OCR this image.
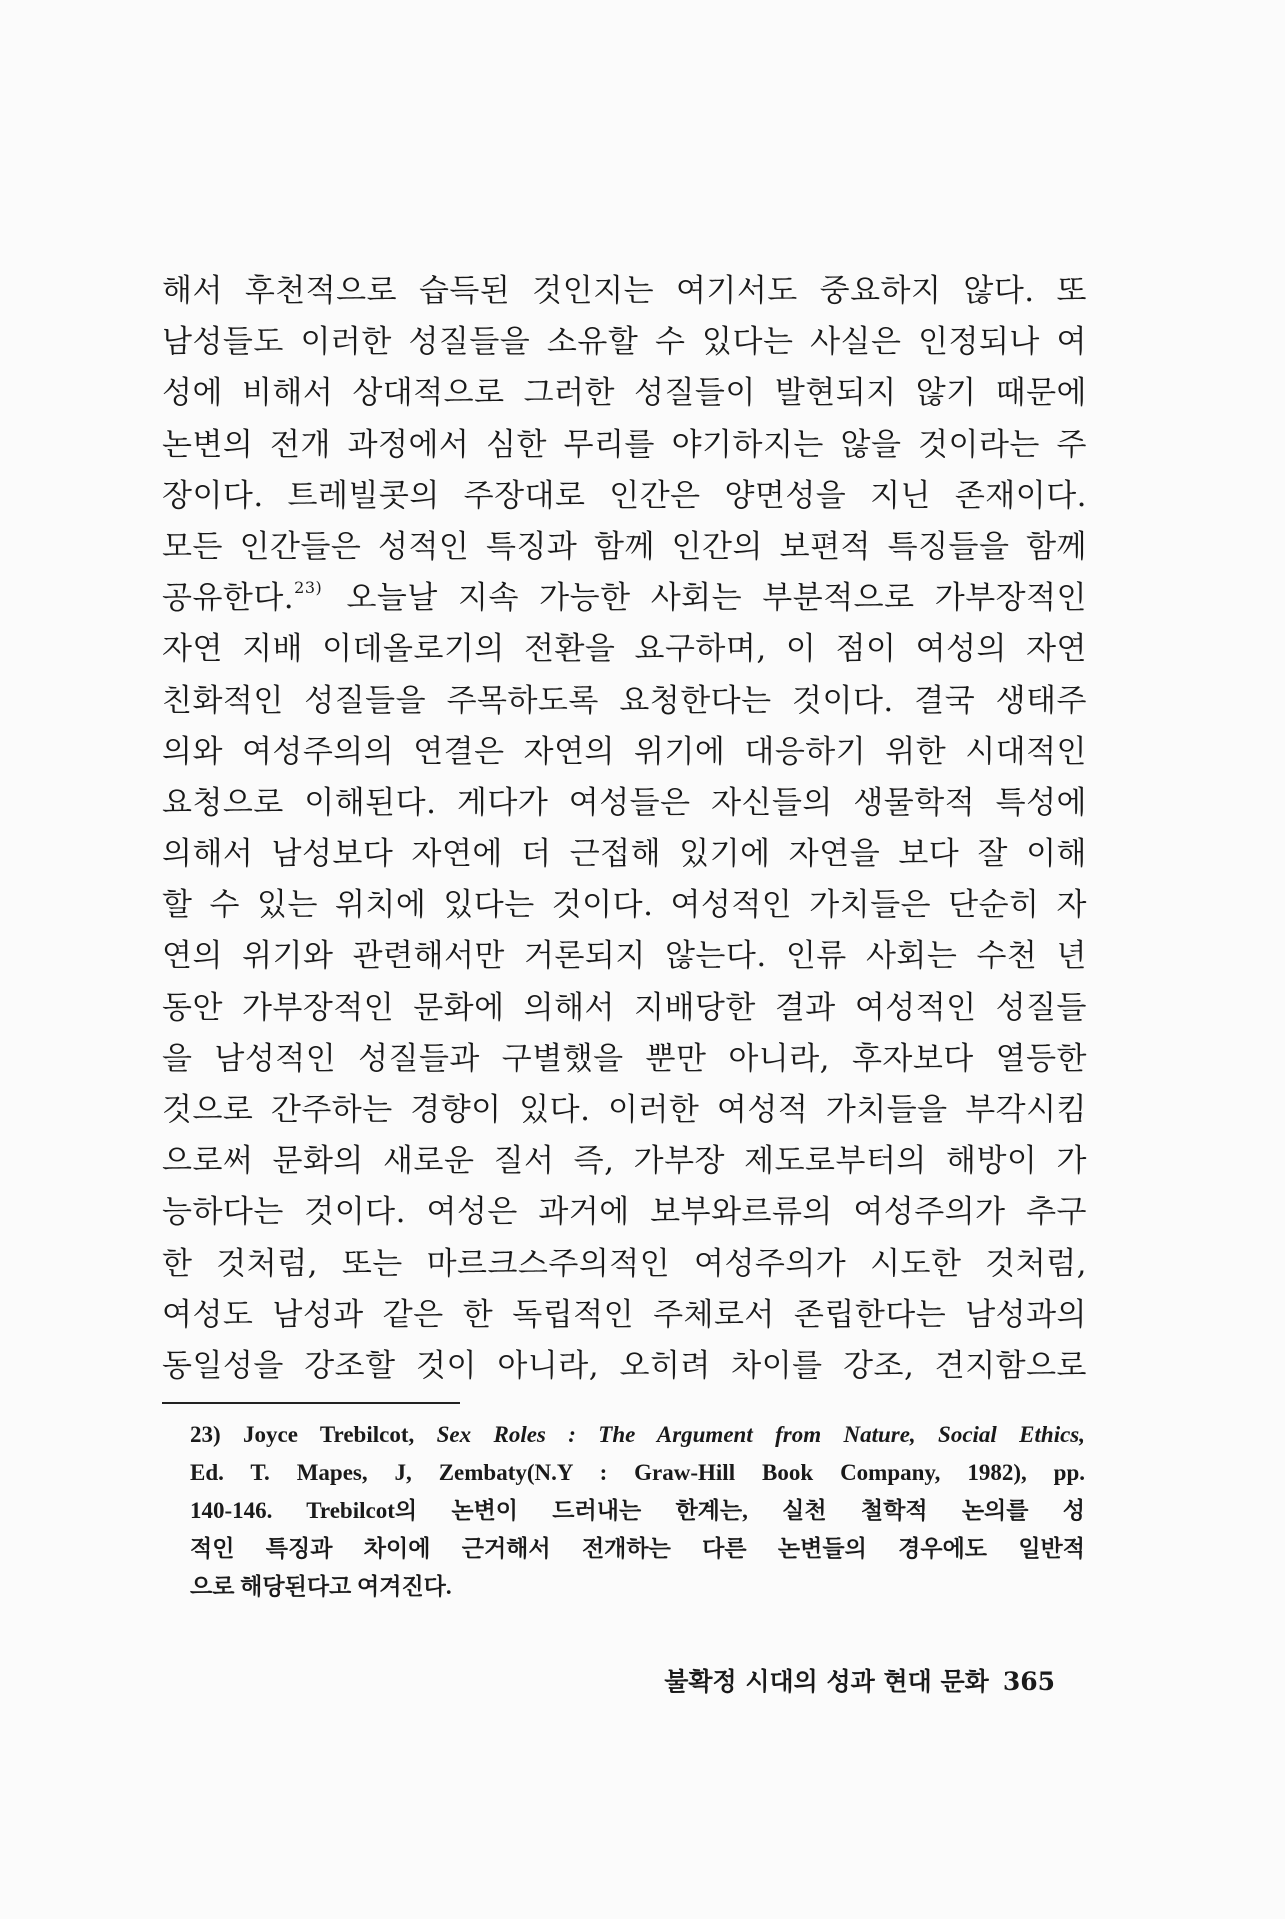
해서 후천적으로 습득된 것인지는 여기서도 중요하지 않다. 또
남성들도 이러한 성질들을 소유할 수 있다는 사실은 인정되나 여
성에 비해서 상대적으로 그러한 성질들이 발현되지 않기 때문에
논변의 전개 과정에서 심한 무리를 야기하지는 않을 것이라는 주
장이다. 트레빌콧의 주장대로 인간은 양면성을 지닌 존재이다.
모든 인간들은 성적인 특징과 함께 인간의 보편적 특징들을 함께
공유한다.$^{23)}$ 오늘날 지속 가능한 사회는 부분적으로 가부장적인
자연 지배 이데올로기의 전환을 요구하며, 이 점이 여성의 자연
친화적인 성질들을 주목하도록 요청한다는 것이다. 결국 생태주
의와 여성주의의 연결은 자연의 위기에 대응하기 위한 시대적인
요청으로 이해된다. 게다가 여성들은 자신들의 생물학적 특성에
의해서 남성보다 자연에 더 근접해 있기에 자연을 보다 잘 이해
할 수 있는 위치에 있다는 것이다. 여성적인 가치들은 단순히 자
연의 위기와 관련해서만 거론되지 않는다. 인류 사회는 수천 년
동안 가부장적인 문화에 의해서 지배당한 결과 여성적인 성질들
을 남성적인 성질들과 구별했을 뿐만 아니라, 후자보다 열등한
것으로 간주하는 경향이 있다. 이러한 여성적 가치들을 부각시킴
으로써 문화의 새로운 질서 즉, 가부장 제도로부터의 해방이 가
능하다는 것이다. 여성은 과거에 보부와르류의 여성주의가 추구
한 것처럼, 또는 마르크스주의적인 여성주의가 시도한 것처럼,
여성도 남성과 같은 한 독립적인 주체로서 존립한다는 남성과의
동일성을 강조할 것이 아니라, 오히려 차이를 강조, 견지함으로
23) Joyce Trebilcot, Sex Roles : The Argument from Nature, Social Ethics,
Ed. T. Mapes, J, Zembaty(N.Y : Graw-Hill Book Company, 1982), pp.
140-146. Trebilcot의 논변이 드러내는 한계는, 실천 철학적 논의를 성
적인 특징과 차이에 근거해서 전개하는 다른 논변들의 경우에도 일반적
으로 해당된다고 여겨진다.
불확정 시대의 성과 현대 문화 365
